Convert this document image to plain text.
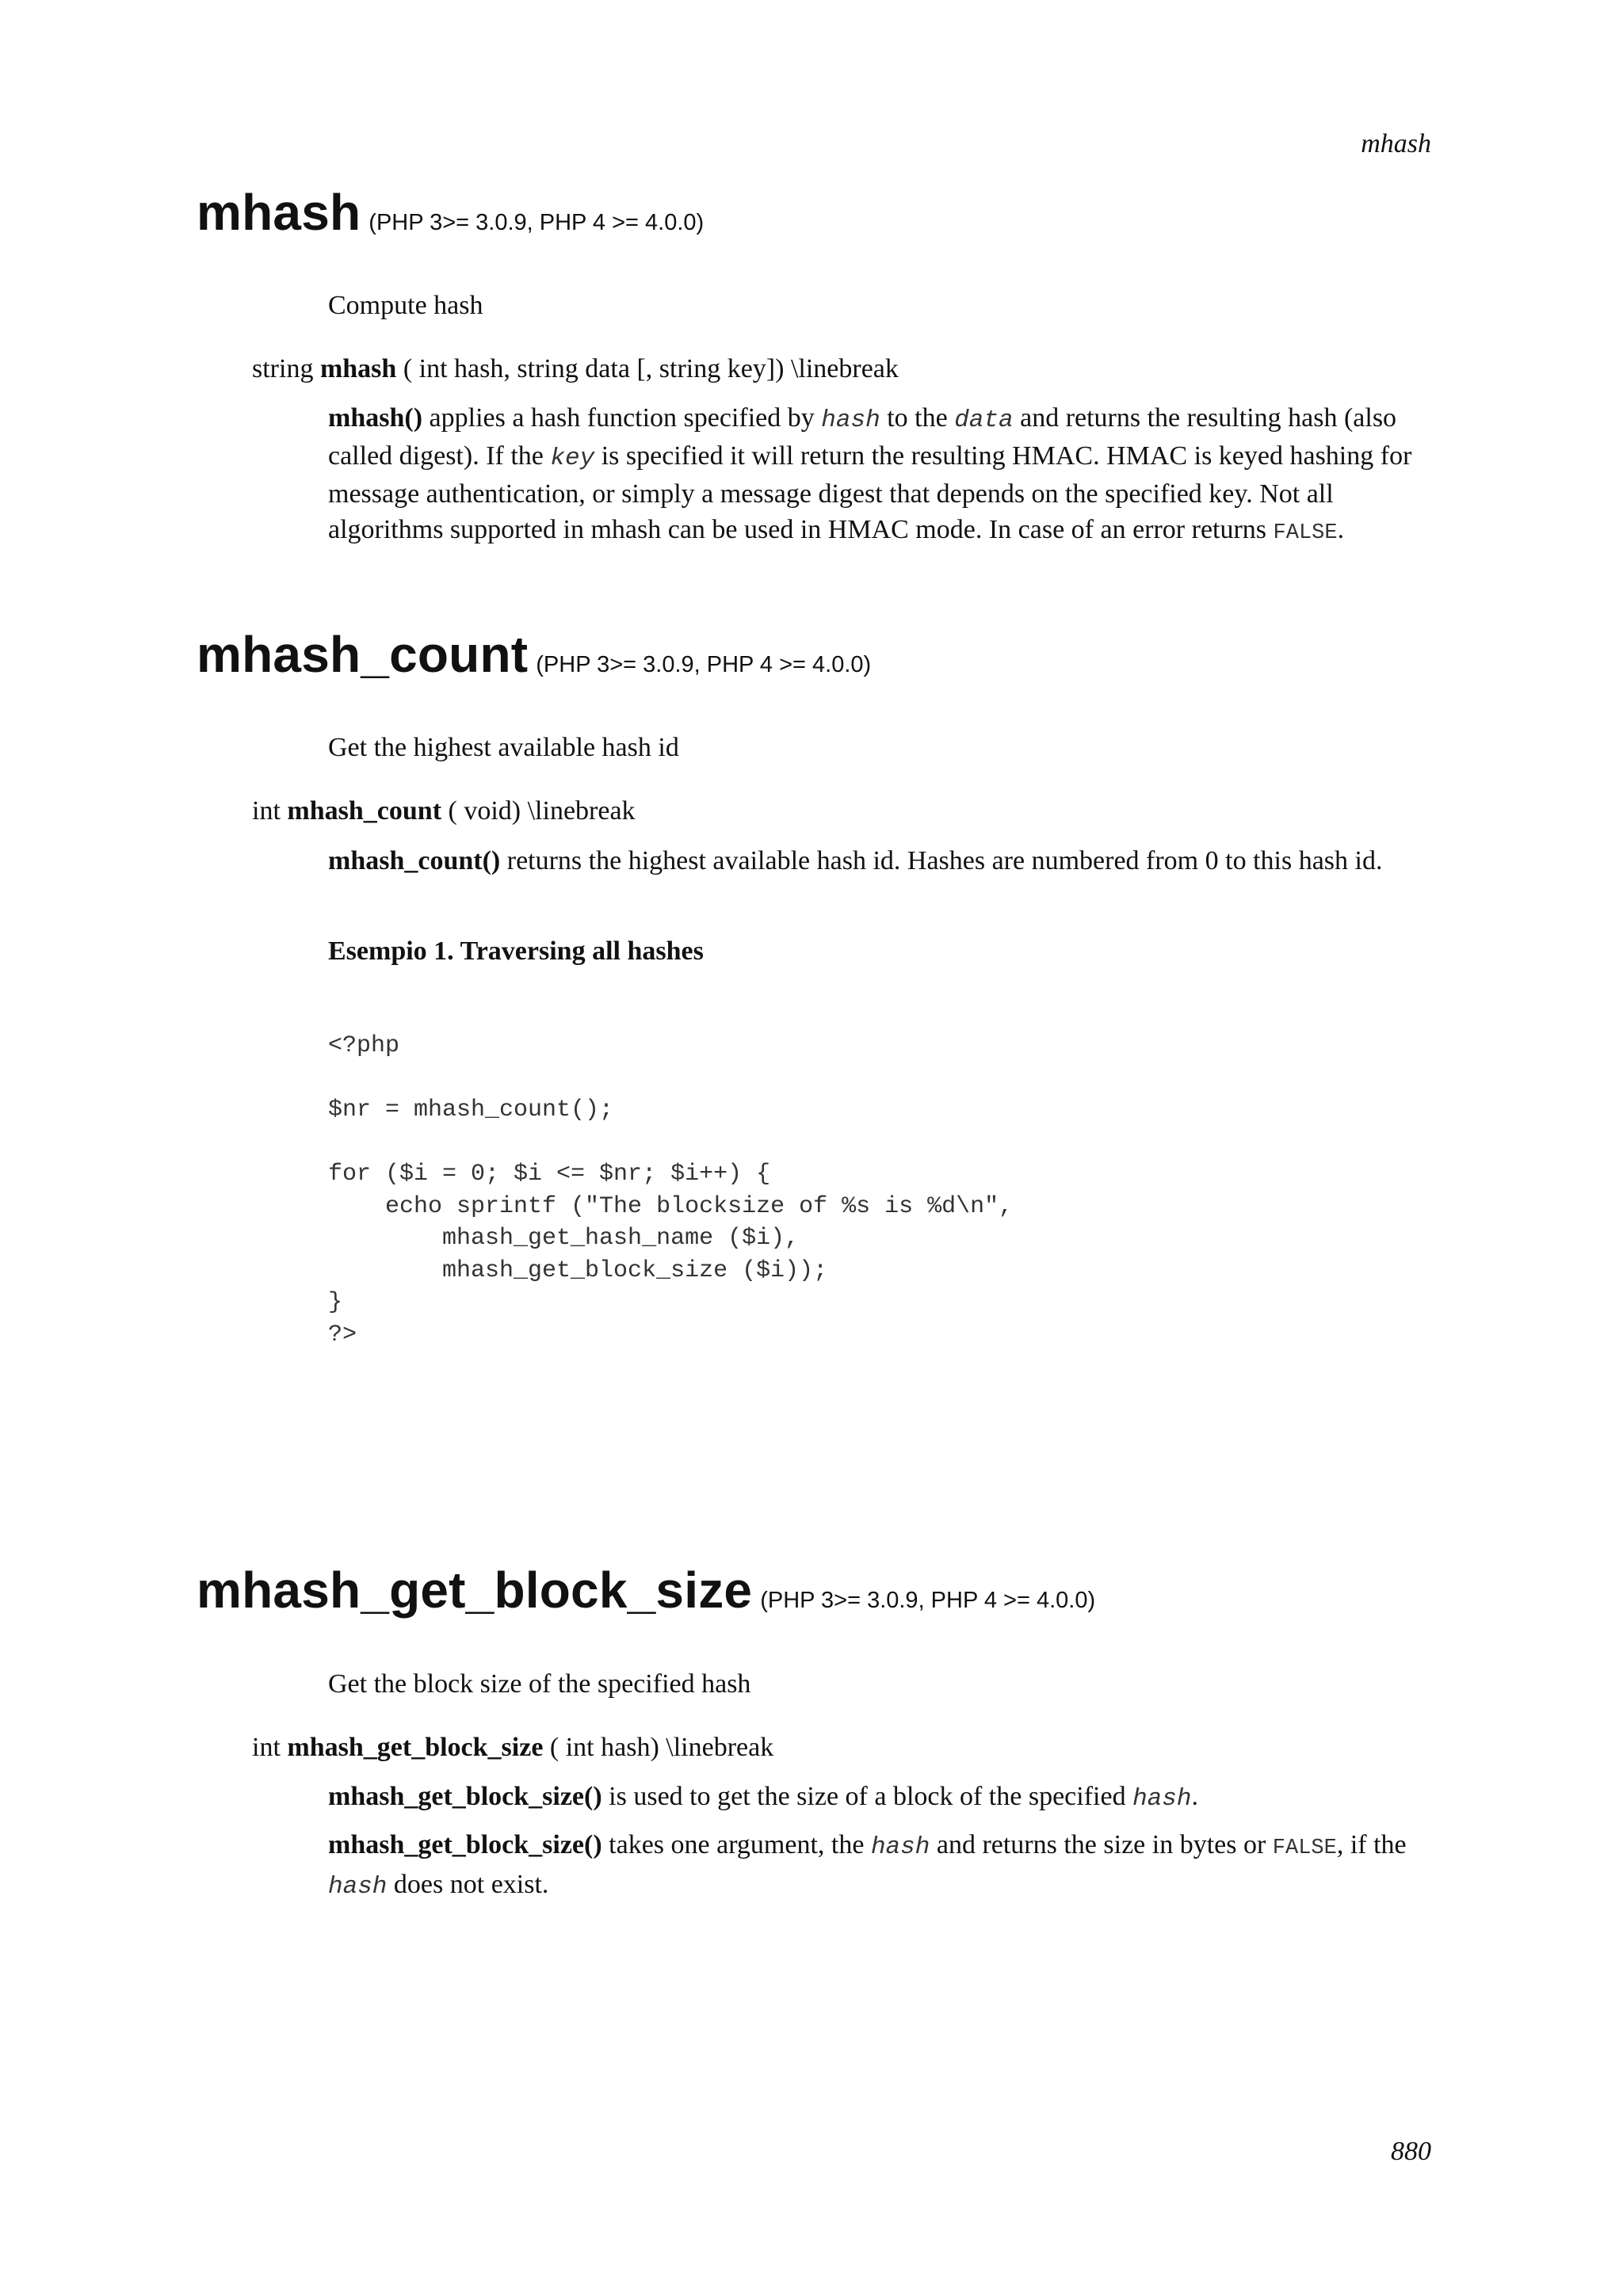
mhash
mhash (PHP 3>= 3.0.9, PHP 4 >= 4.0.0)
Compute hash
string mhash ( int hash, string data [, string key]) \linebreak
mhash() applies a hash function specified by hash to the data and returns the resulting hash (also called digest). If the key is specified it will return the resulting HMAC. HMAC is keyed hashing for message authentication, or simply a message digest that depends on the specified key. Not all algorithms supported in mhash can be used in HMAC mode. In case of an error returns FALSE.
mhash_count (PHP 3>= 3.0.9, PHP 4 >= 4.0.0)
Get the highest available hash id
int mhash_count ( void) \linebreak
mhash_count() returns the highest available hash id. Hashes are numbered from 0 to this hash id.
Esempio 1. Traversing all hashes
<?php

$nr = mhash_count();

for ($i = 0; $i <= $nr; $i++) {
echo sprintf ("The blocksize of %s is %d\n",
mhash_get_hash_name ($i),
mhash_get_block_size ($i));
}
?>
mhash_get_block_size (PHP 3>= 3.0.9, PHP 4 >= 4.0.0)
Get the block size of the specified hash
int mhash_get_block_size ( int hash) \linebreak
mhash_get_block_size() is used to get the size of a block of the specified hash.
mhash_get_block_size() takes one argument, the hash and returns the size in bytes or FALSE, if the hash does not exist.
880
